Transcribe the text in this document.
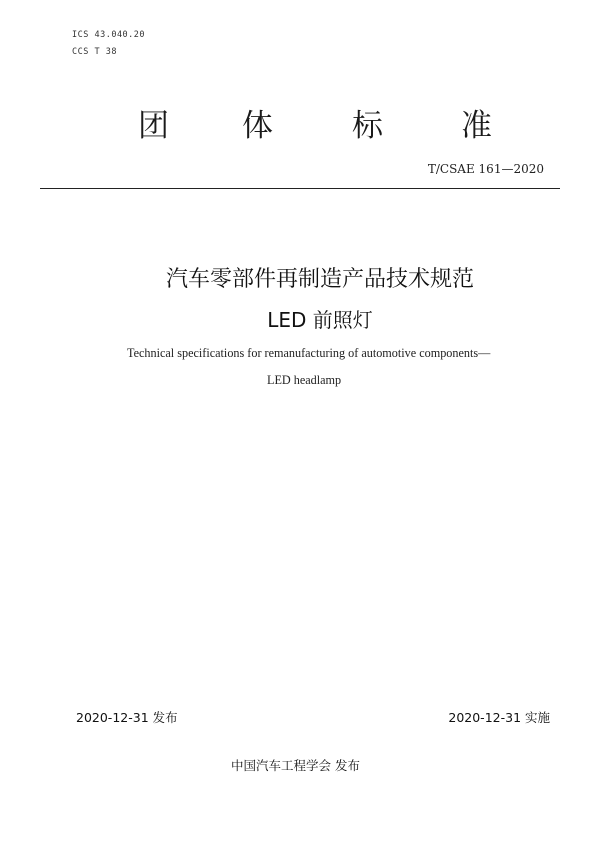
ICS 43.040.20
CCS T 38
团 体	标	准
T/CSAE 161—2020
汽车零部件再制造产品技术规范
LED 前照灯
Technical specifications for remanufacturing of automotive components—
LED headlamp
2020-12-31 发布	2020-12-31 实施
中国汽车工程学会 发布
